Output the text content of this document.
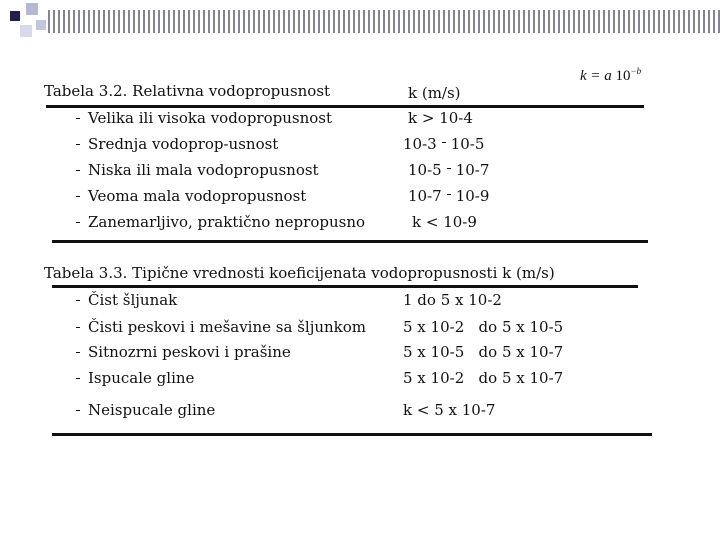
k = a $10^{-b}$
Tabela 3.2. Relativna vodopropusnost	k (m/s)
Velika ili visoka vodopropusnost	k > 10-4
Srednja vodoprop-usnost	10-3 10-5
Niska ili mala vodopropusnost	10-5 10-7
Veoma mala vodopropusnost	10-7 10-9
Zanemarljivo, praktično nepropusno	k < 10-9
Tabela 3.3. Tipične vrednosti koeficijenata vodopropusnosti k (m/s)
Čist šljunak	1 do 5 x 10-2
Čisti peskovi i mešavine sa šljunkom 5 x 10-2   do 5 x 10-5
Sitnozrni peskovi i prašine	5 x 10-5   do 5 x 10-7
Ispucale gline	5 x 10-2   do 5 x 10-7
Neispucale gline	k < 5 x 10-7
